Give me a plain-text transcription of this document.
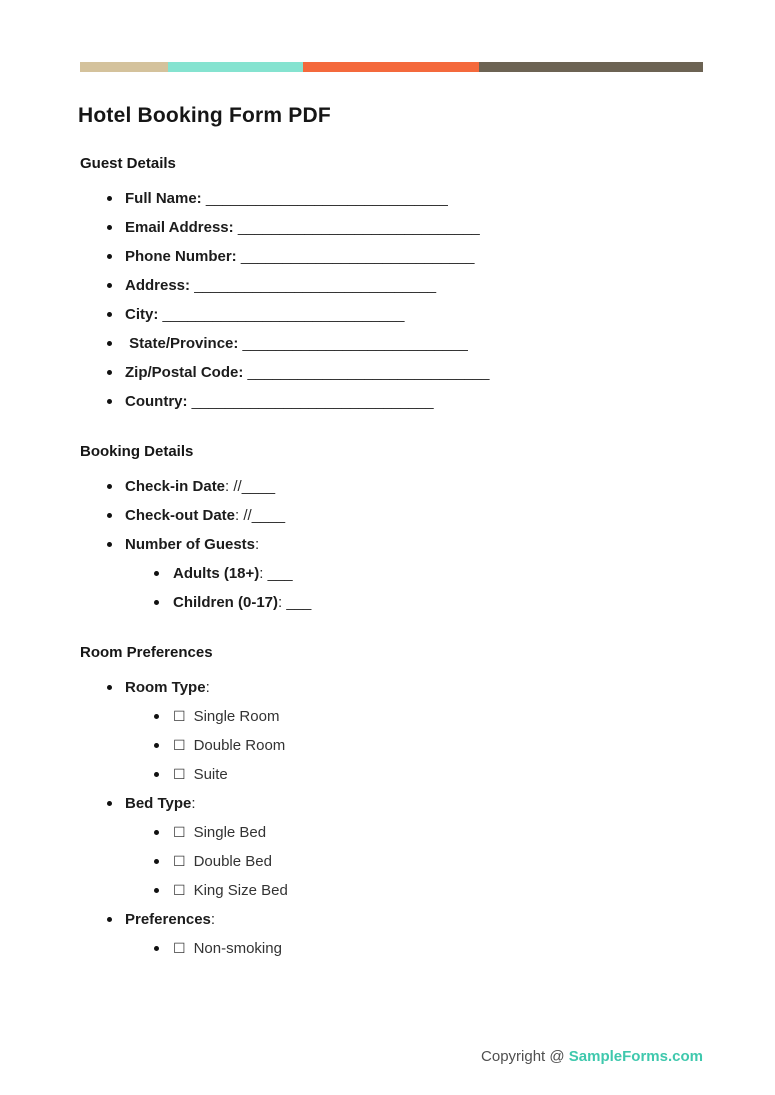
Hotel Booking Form PDF
Guest Details
Full Name: _____________________________
Email Address: _____________________________
Phone Number: ____________________________
Address: _____________________________
City: _____________________________
State/Province: ___________________________
Zip/Postal Code: _____________________________
Country: _____________________________
Booking Details
Check-in Date: //____
Check-out Date: //____
Number of Guests:
Adults (18+): ___
Children (0-17): ___
Room Preferences
Room Type:
☐ Single Room
☐ Double Room
☐ Suite
Bed Type:
☐ Single Bed
☐ Double Bed
☐ King Size Bed
Preferences:
☐ Non-smoking
Copyright @ SampleForms.com
